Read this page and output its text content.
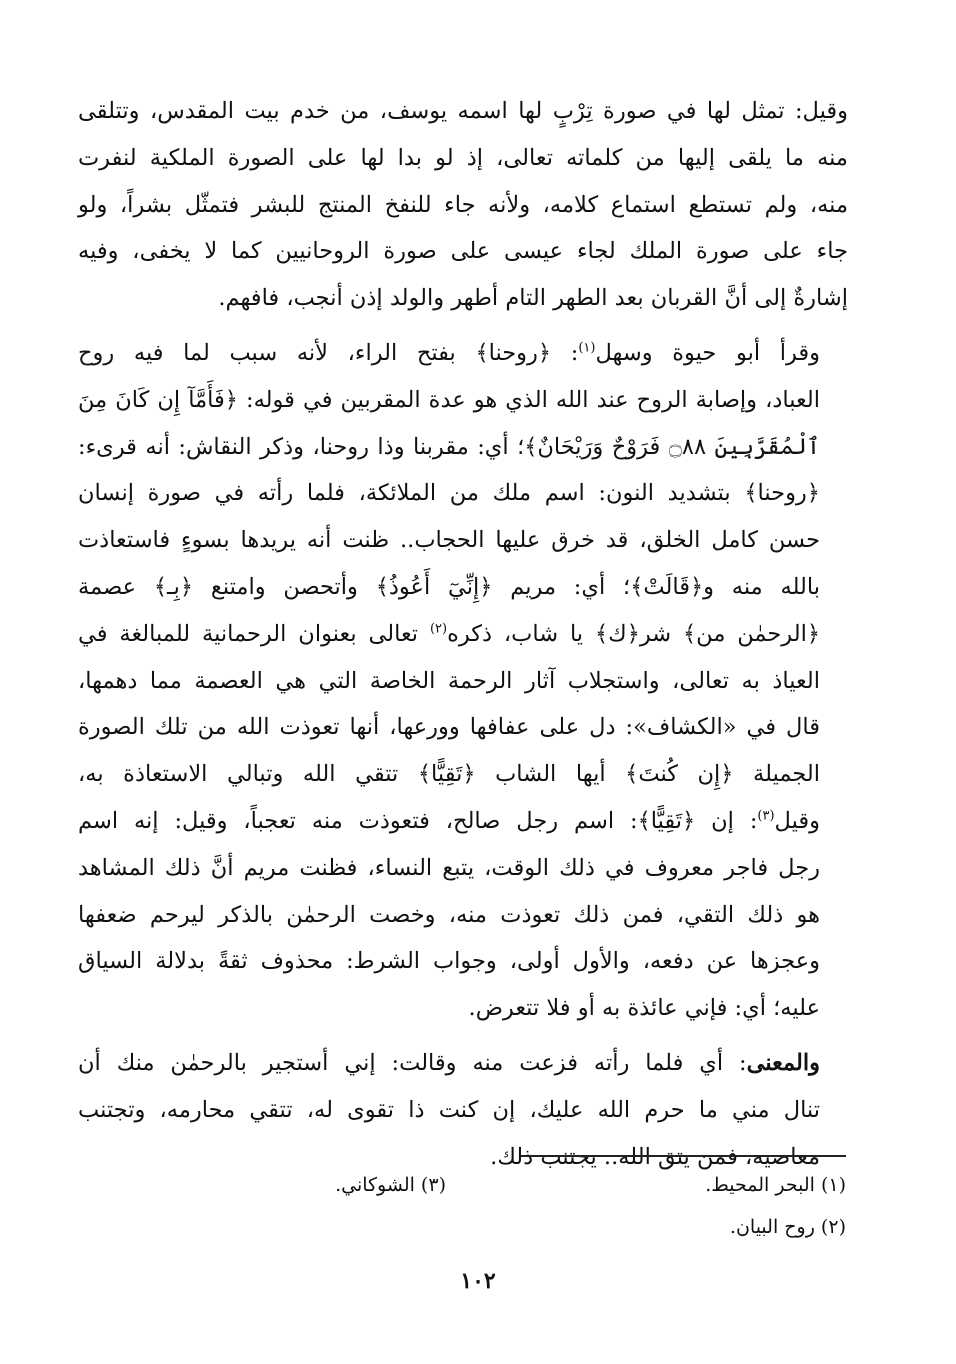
وقيل: تمثل لها في صورة تِرْبٍ لها اسمه يوسف، من خدم بيت المقدس، وتتلقى
منه ما يلقى إليها من كلماته تعالى، إذ لو بدا لها على الصورة الملكية لنفرت
منه، ولم تستطع استماع كلامه، ولأنه جاء للنفخ المنتج للبشر فتمثّل بشراً، ولو
جاء على صورة الملك لجاء عيسى على صورة الروحانيين كما لا يخفى، وفيه
إشارةٌ إلى أنَّ القربان بعد الطهر التام أطهر والولد إذن أنجب، فافهم.

وقرأ أبو حيوة وسهل$^{(١)}$: ﴿روحنا﴾ بفتح الراء، لأنه سبب لما فيه روح
العباد، وإصابة الروح عند الله الذي هو عدة المقربين في قوله: ﴿فَأَمَّآ إِن كَانَ مِنَ
ٱلْمُقَرَّبِينَ ۝٨٨ فَرَوْحٌ وَرَيْحَانٌ﴾؛ أي: مقربنا وذا روحنا، وذكر النقاش: أنه قرىء:
﴿روحنا﴾ بتشديد النون: اسم ملك من الملائكة، فلما رأته في صورة إنسان
حسن كامل الخلق، قد خرق عليها الحجاب.. ظنت أنه يريدها بسوءٍ فاستعاذت
بالله منه و﴿قَالَتْ﴾؛ أي: مريم ﴿إِنِّيٓ أَعُوذُ﴾ وأتحصن وامتنع ﴿بِـ﴾ عصمة
﴿الرحمٰن من﴾ شر﴿ك﴾ يا شاب، ذكره$^{(٢)}$ تعالى بعنوان الرحمانية للمبالغة في
العياذ به تعالى، واستجلاب آثار الرحمة الخاصة التي هي العصمة مما دهمها،
قال في «الكشاف»: دل على عفافها وورعها، أنها تعوذت الله من تلك الصورة
الجميلة ﴿إِن كُنتَ﴾ أيها الشاب ﴿تَقِيًّا﴾ تتقي الله وتبالي الاستعاذة به،
وقيل$^{(٣)}$: إن ﴿تَقِيًّا﴾: اسم رجل صالح، فتعوذت منه تعجباً، وقيل: إنه اسم
رجل فاجر معروف في ذلك الوقت، يتبع النساء، فظنت مريم أنَّ ذلك المشاهد
هو ذلك التقي، فمن ذلك تعوذت منه، وخصت الرحمٰن بالذكر ليرحم ضعفها
وعجزها عن دفعه، والأول أولى، وجواب الشرط: محذوف ثقةً بدلالة السياق
عليه؛ أي: فإني عائذة به أو فلا تتعرض.

والمعنى: أي فلما رأته فزعت منه وقالت: إني أستجير بالرحمٰن منك أن
تنال مني ما حرم الله عليك، إن كنت ذا تقوى له، تتقي محارمه، وتجتنب
معاصيه، فمن يتق الله.. يجتنب ذلك.

(١) البحر المحيط.
(٣) الشوكاني.
(٢) روح البيان.
١٠٢
